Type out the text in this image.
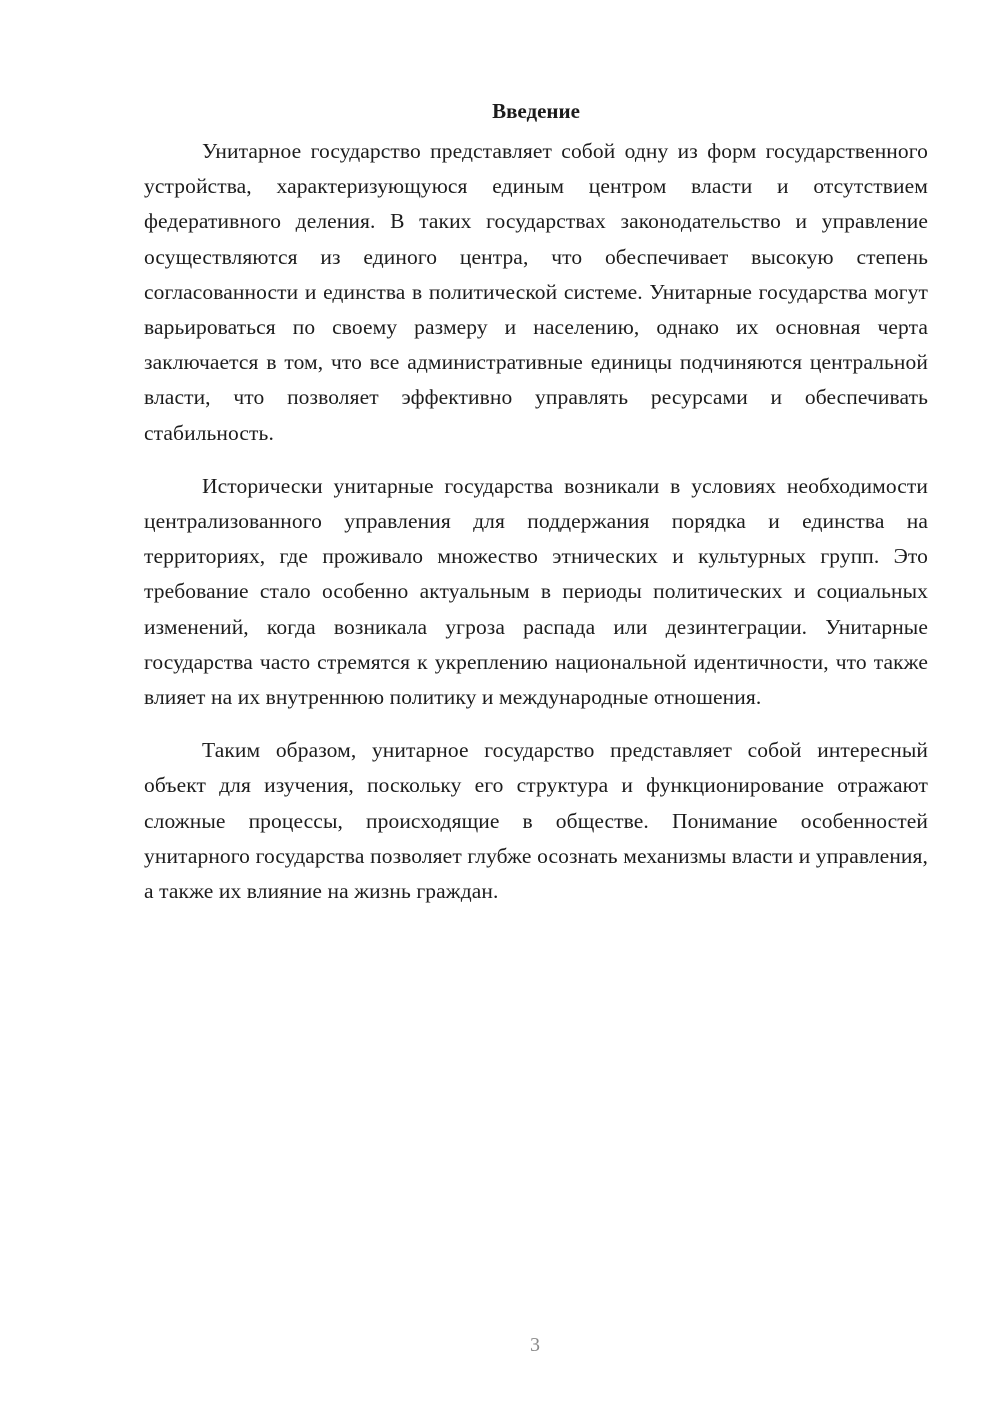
Введение

Унитарное государство представляет собой одну из форм государственного устройства, характеризующуюся единым центром власти и отсутствием федеративного деления. В таких государствах законодательство и управление осуществляются из единого центра, что обеспечивает высокую степень согласованности и единства в политической системе. Унитарные государства могут варьироваться по своему размеру и населению, однако их основная черта заключается в том, что все административные единицы подчиняются центральной власти, что позволяет эффективно управлять ресурсами и обеспечивать стабильность.

Исторически унитарные государства возникали в условиях необходимости централизованного управления для поддержания порядка и единства на территориях, где проживало множество этнических и культурных групп. Это требование стало особенно актуальным в периоды политических и социальных изменений, когда возникала угроза распада или дезинтеграции. Унитарные государства часто стремятся к укреплению национальной идентичности, что также влияет на их внутреннюю политику и международные отношения.

Таким образом, унитарное государство представляет собой интересный объект для изучения, поскольку его структура и функционирование отражают сложные процессы, происходящие в обществе. Понимание особенностей унитарного государства позволяет глубже осознать механизмы власти и управления, а также их влияние на жизнь граждан.

3
